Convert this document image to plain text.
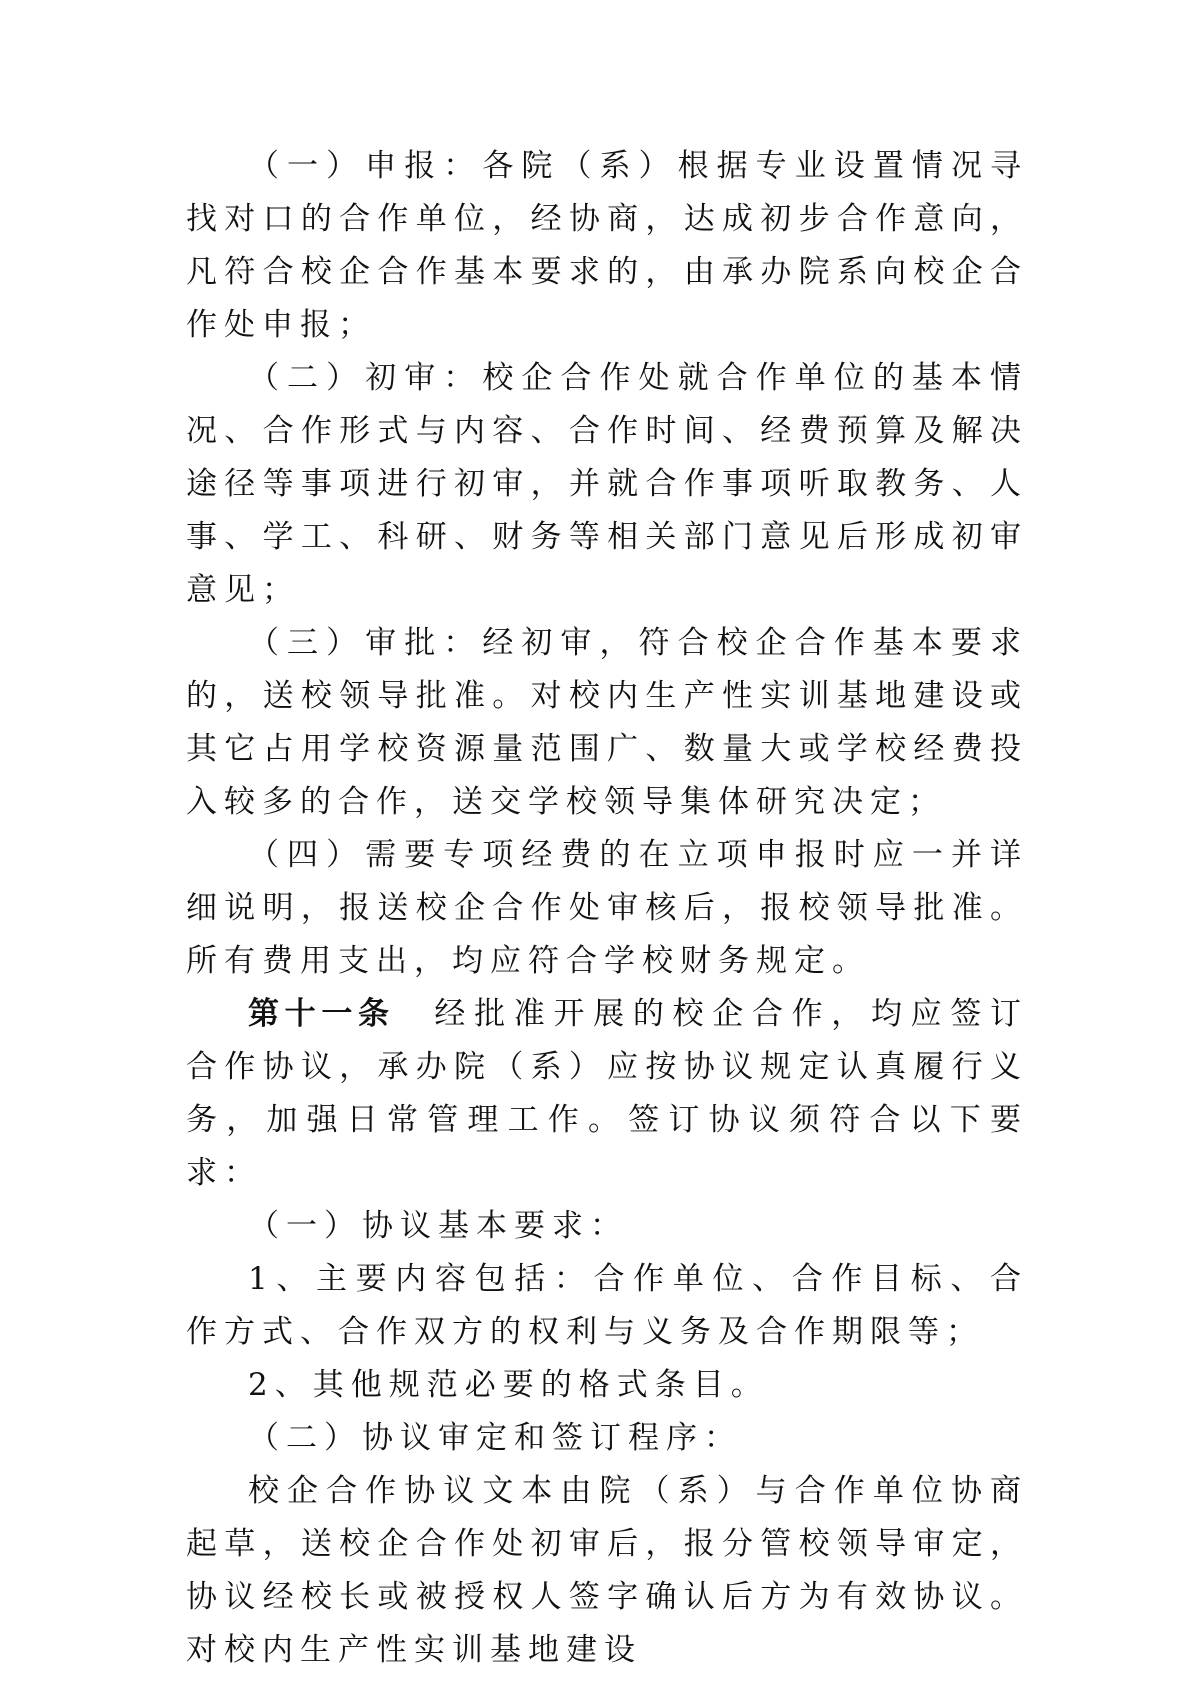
（一）申报：各院（系）根据专业设置情况寻找对口的合作单位，经协商，达成初步合作意向，凡符合校企合作基本要求的，由承办院系向校企合作处申报；

（二）初审：校企合作处就合作单位的基本情况、合作形式与内容、合作时间、经费预算及解决途径等事项进行初审，并就合作事项听取教务、人事、学工、科研、财务等相关部门意见后形成初审意见；

（三）审批：经初审，符合校企合作基本要求的，送校领导批准。对校内生产性实训基地建设或其它占用学校资源量范围广、数量大或学校经费投入较多的合作，送交学校领导集体研究决定；

（四）需要专项经费的在立项申报时应一并详细说明，报送校企合作处审核后，报校领导批准。所有费用支出，均应符合学校财务规定。

第十一条　经批准开展的校企合作，均应签订合作协议，承办院（系）应按协议规定认真履行义务，加强日常管理工作。签订协议须符合以下要求：

（一）协议基本要求：

1、主要内容包括：合作单位、合作目标、合作方式、合作双方的权利与义务及合作期限等；

2、其他规范必要的格式条目。

（二）协议审定和签订程序：

校企合作协议文本由院（系）与合作单位协商起草，送校企合作处初审后，报分管校领导审定，协议经校长或被授权人签字确认后方为有效协议。对校内生产性实训基地建设
